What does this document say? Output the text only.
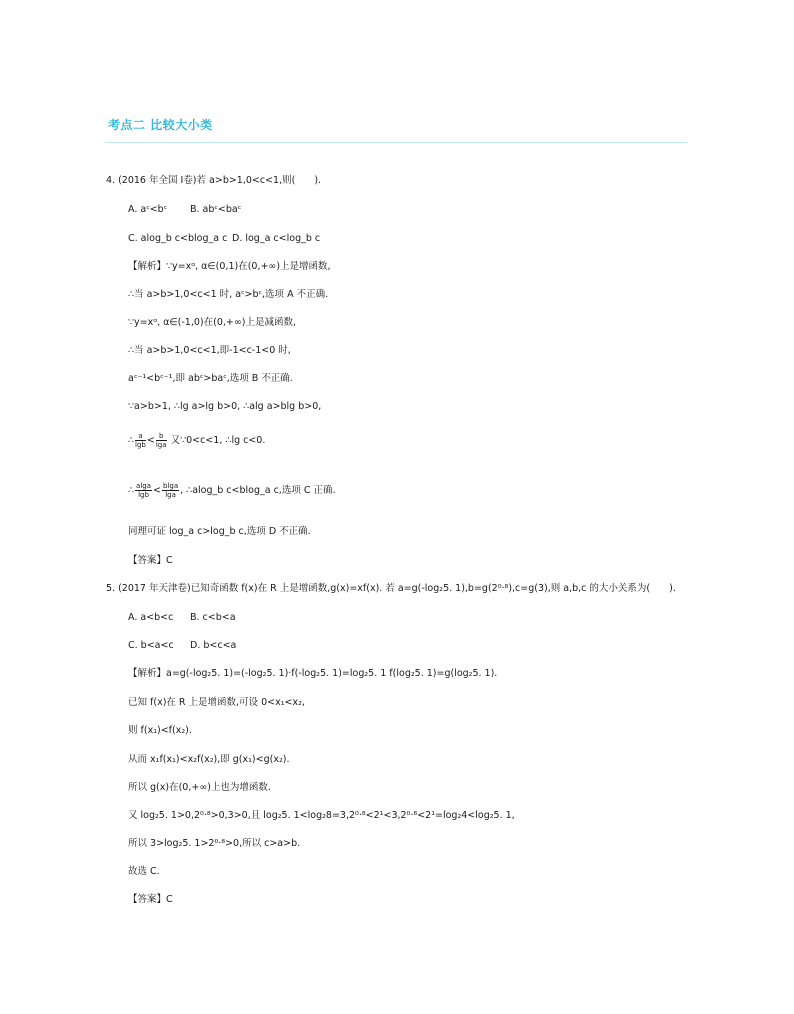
考点二 比较大小类
4. (2016 年全国 Ⅰ卷)若 a>b>1,0<c<1,则(　　).
A. aᶜ<bᶜ B. abᶜ<baᶜ
C. alog_b c<blog_a c D. log_a c<log_b c
【解析】∵y=xᵅ, α∈(0,1)在(0,+∞)上是增函数,
∴当 a>b>1,0<c<1 时, aᶜ>bᶜ,选项 A 不正确.
∵y=xᵅ, α∈(-1,0)在(0,+∞)上是减函数,
∴当 a>b>1,0<c<1,即-1<c-1<0 时,
aᶜ⁻¹<bᶜ⁻¹,即 abᶜ>baᶜ,选项 B 不正确.
∵a>b>1, ∴lg a>lg b>0, ∴alg a>blg b>0,
∴ $\frac{a}{\lg b} < \frac{b}{\lg a}$ 又∵0<c<1, ∴lg c<0.
∴ $\frac{alga}{\lg b} < \frac{blga}{\lg a}$ , ∴alog_b c<blog_a c,选项 C 正确.
同理可证 log_a c>log_b c,选项 D 不正确.
【答案】C
5. (2017 年天津卷)已知奇函数 f(x)在 R 上是增函数,g(x)=xf(x). 若 a=g(-log₂5. 1),b=g(2⁰·⁸),c=g(3),则 a,b,c 的大小关系为(　　).
A. a<b<c B. c<b<a
C. b<a<c D. b<c<a
【解析】a=g(-log₂5. 1)=(-log₂5. 1)·f(-log₂5. 1)=log₂5. 1 f(log₂5. 1)=g(log₂5. 1).
已知 f(x)在 R 上是增函数,可设 0<x₁<x₂,
则 f(x₁)<f(x₂).
从而 x₁f(x₁)<x₂f(x₂),即 g(x₁)<g(x₂).
所以 g(x)在(0,+∞)上也为增函数.
又 log₂5. 1>0,2⁰·⁸>0,3>0,且 log₂5. 1<log₂8=3,2⁰·⁸<2¹<3,2⁰·⁸<2¹=log₂4<log₂5. 1,
所以 3>log₂5. 1>2⁰·⁸>0,所以 c>a>b.
故选 C.
【答案】C
